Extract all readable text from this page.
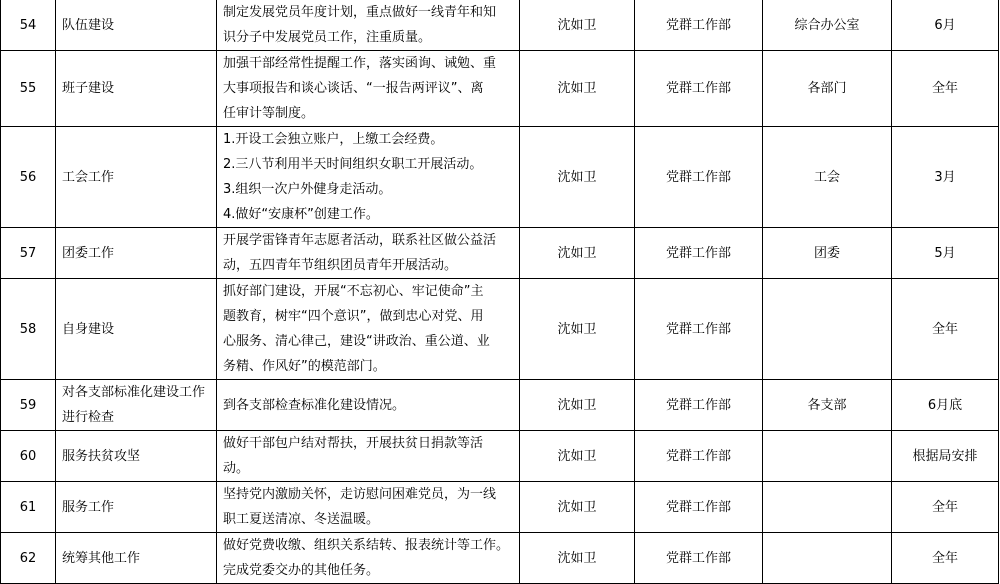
54	队伍建设	制定发展党员年度计划，重点做好一线青年和知
识分子中发展党员工作，注重质量。	沈如卫	党群工作部	综合办公室	6月
55	班子建设	加强干部经常性提醒工作，落实函询、诫勉、重
大事项报告和谈心谈话、“一报告两评议”、离
任审计等制度。	沈如卫	党群工作部	各部门	全年
56	工会工作	1.开设工会独立账户，上缴工会经费。
2.三八节利用半天时间组织女职工开展活动。
3.组织一次户外健身走活动。
4.做好“安康杯”创建工作。	沈如卫	党群工作部	工会	3月
57	团委工作	开展学雷锋青年志愿者活动，联系社区做公益活
动，五四青年节组织团员青年开展活动。	沈如卫	党群工作部	团委	5月
58	自身建设	抓好部门建设，开展“不忘初心、牢记使命”主
题教育，树牢“四个意识”，做到忠心对党、用
心服务、清心律己，建设“讲政治、重公道、业
务精、作风好”的模范部门。	沈如卫	党群工作部		全年
59	对各支部标准化建设工作
进行检查	到各支部检查标准化建设情况。	沈如卫	党群工作部	各支部	6月底
60	服务扶贫攻坚	做好干部包户结对帮扶，开展扶贫日捐款等活
动。	沈如卫	党群工作部		根据局安排
61	服务工作	坚持党内激励关怀，走访慰问困难党员，为一线
职工夏送清凉、冬送温暖。	沈如卫	党群工作部		全年
62	统筹其他工作	做好党费收缴、组织关系结转、报表统计等工作。
完成党委交办的其他任务。	沈如卫	党群工作部		全年
